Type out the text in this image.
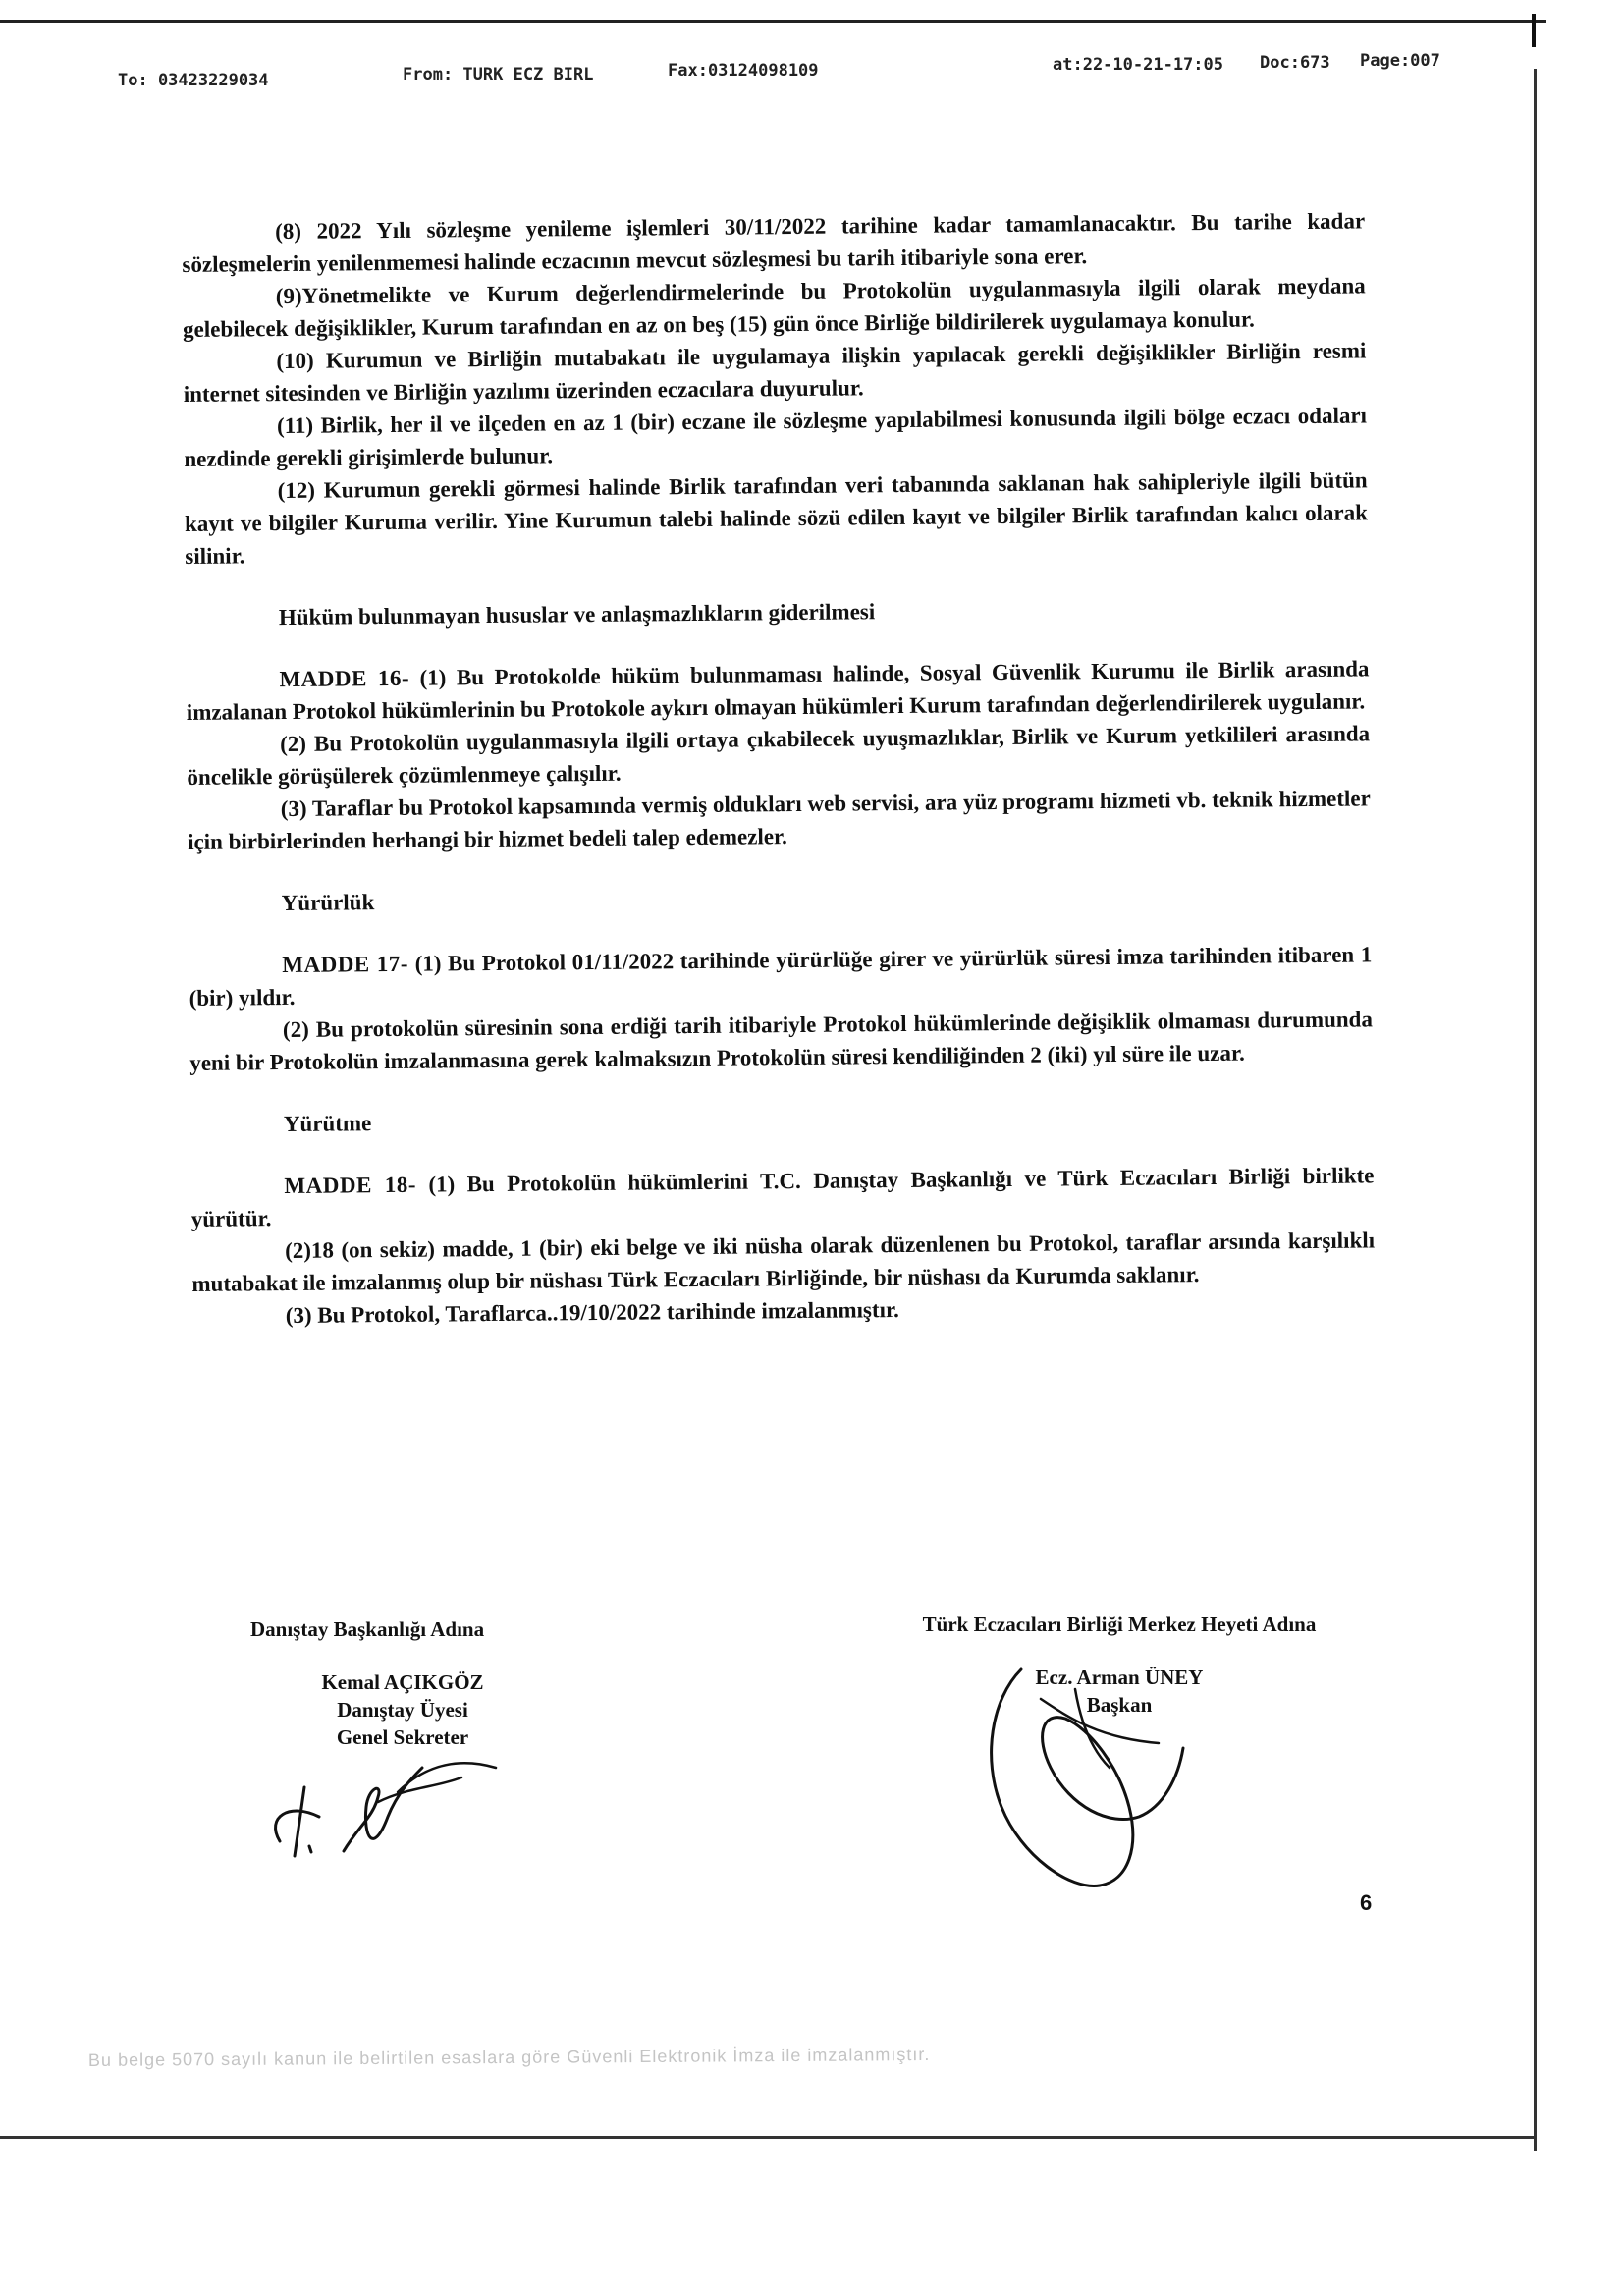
To: 03423229034	From: TURK ECZ BIRL	Fax:03124098109	at:22-10-21-17:05 Doc:673 Page:007

(8) 2022 Yılı sözleşme yenileme işlemleri 30/11/2022 tarihine kadar tamamlanacaktır. Bu tarihe kadar sözleşmelerin yenilenmemesi halinde eczacının mevcut sözleşmesi bu tarih itibariyle sona erer.

(9)Yönetmelikte ve Kurum değerlendirmelerinde bu Protokolün uygulanmasıyla ilgili olarak meydana gelebilecek değişiklikler, Kurum tarafından en az on beş (15) gün önce Birliğe bildirilerek uygulamaya konulur.

(10) Kurumun ve Birliğin mutabakatı ile uygulamaya ilişkin yapılacak gerekli değişiklikler Birliğin resmi internet sitesinden ve Birliğin yazılımı üzerinden eczacılara duyurulur.

(11) Birlik, her il ve ilçeden en az 1 (bir) eczane ile sözleşme yapılabilmesi konusunda ilgili bölge eczacı odaları nezdinde gerekli girişimlerde bulunur.

(12) Kurumun gerekli görmesi halinde Birlik tarafından veri tabanında saklanan hak sahipleriyle ilgili bütün kayıt ve bilgiler Kuruma verilir. Yine Kurumun talebi halinde sözü edilen kayıt ve bilgiler Birlik tarafından kalıcı olarak silinir.

Hüküm bulunmayan hususlar ve anlaşmazlıkların giderilmesi

MADDE 16- (1) Bu Protokolde hüküm bulunmaması halinde, Sosyal Güvenlik Kurumu ile Birlik arasında imzalanan Protokol hükümlerinin bu Protokole aykırı olmayan hükümleri Kurum tarafından değerlendirilerek uygulanır.

(2) Bu Protokolün uygulanmasıyla ilgili ortaya çıkabilecek uyuşmazlıklar, Birlik ve Kurum yetkilileri arasında öncelikle görüşülerek çözümlenmeye çalışılır.

(3) Taraflar bu Protokol kapsamında vermiş oldukları web servisi, ara yüz programı hizmeti vb. teknik hizmetler için birbirlerinden herhangi bir hizmet bedeli talep edemezler.

Yürürlük

MADDE 17- (1) Bu Protokol 01/11/2022 tarihinde yürürlüğe girer ve yürürlük süresi imza tarihinden itibaren 1 (bir) yıldır.

(2) Bu protokolün süresinin sona erdiği tarih itibariyle Protokol hükümlerinde değişiklik olmaması durumunda yeni bir Protokolün imzalanmasına gerek kalmaksızın Protokolün süresi kendiliğinden 2 (iki) yıl süre ile uzar.

Yürütme

MADDE 18- (1) Bu Protokolün hükümlerini T.C. Danıştay Başkanlığı ve Türk Eczacıları Birliği birlikte yürütür.

(2)18 (on sekiz) madde, 1 (bir) eki belge ve iki nüsha olarak düzenlenen bu Protokol, taraflar arsında karşılıklı mutabakat ile imzalanmış olup bir nüshası Türk Eczacıları Birliğinde, bir nüshası da Kurumda saklanır.

(3) Bu Protokol, Taraflarca..19/10/2022 tarihinde imzalanmıştır.

Danıştay Başkanlığı Adına
Kemal AÇIKGÖZ
Danıştay Üyesi
Genel Sekreter
Türk Eczacıları Birliği Merkez Heyeti Adına
Ecz. Arman ÜNEY
Başkan
6
Bu belge 5070 sayılı kanun ile belirtilen esaslara göre Güvenli Elektronik İmza ile imzalanmıştır.
